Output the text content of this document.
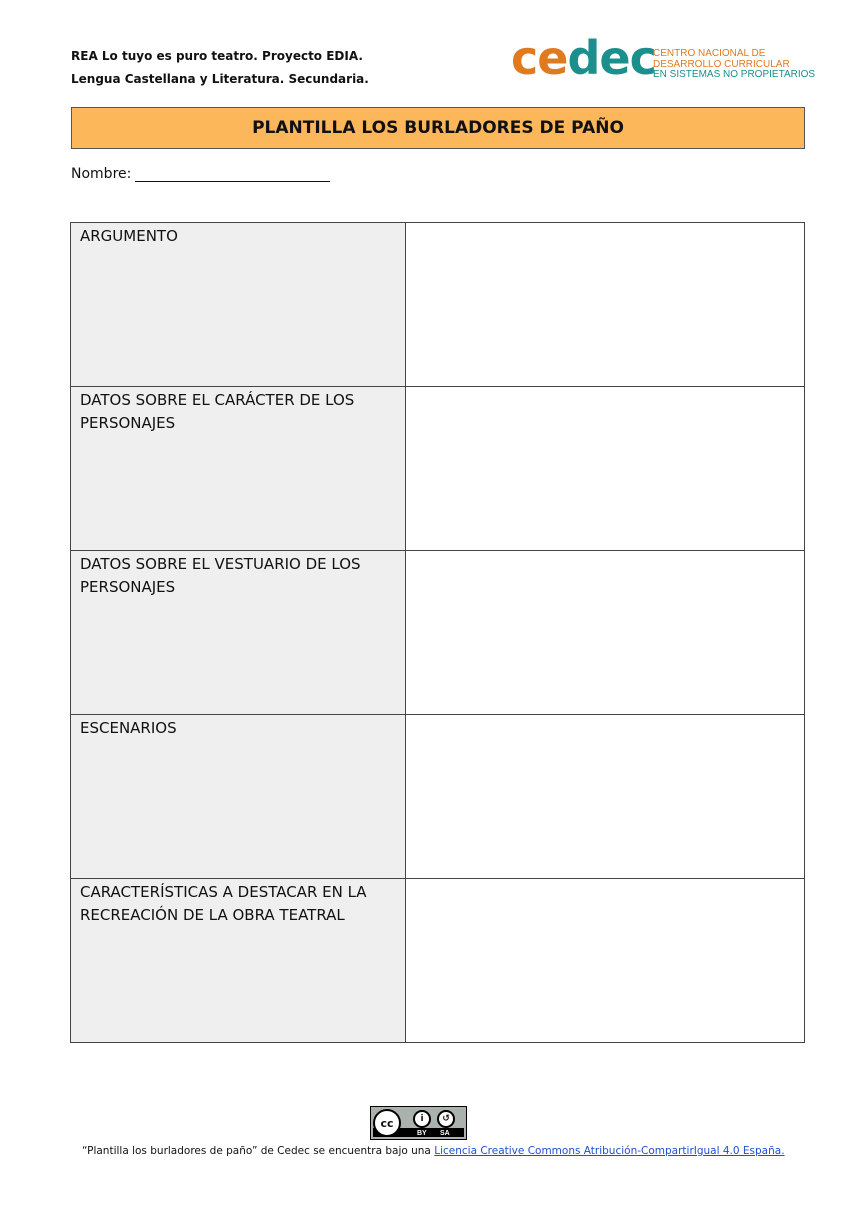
REA Lo tuyo es puro teatro. Proyecto EDIA.
Lengua Castellana y Literatura. Secundaria.	cedec
CENTRO NACIONAL DE
DESARROLLO CURRICULAR
EN SISTEMAS NO PROPIETARIOS
PLANTILLA LOS BURLADORES DE PAÑO
Nombre:
ARGUMENTO	
DATOS SOBRE EL CARÁCTER DE LOS PERSONAJES	
DATOS SOBRE EL VESTUARIO DE LOS PERSONAJES	
ESCENARIOS	
CARACTERÍSTICAS A DESTACAR EN LA RECREACIÓN DE LA OBRA TEATRAL	
cc	i	↺
BY SA
“Plantilla los burladores de paño” de Cedec se encuentra bajo una Licencia Creative Commons Atribución-CompartirIgual 4.0 España.
